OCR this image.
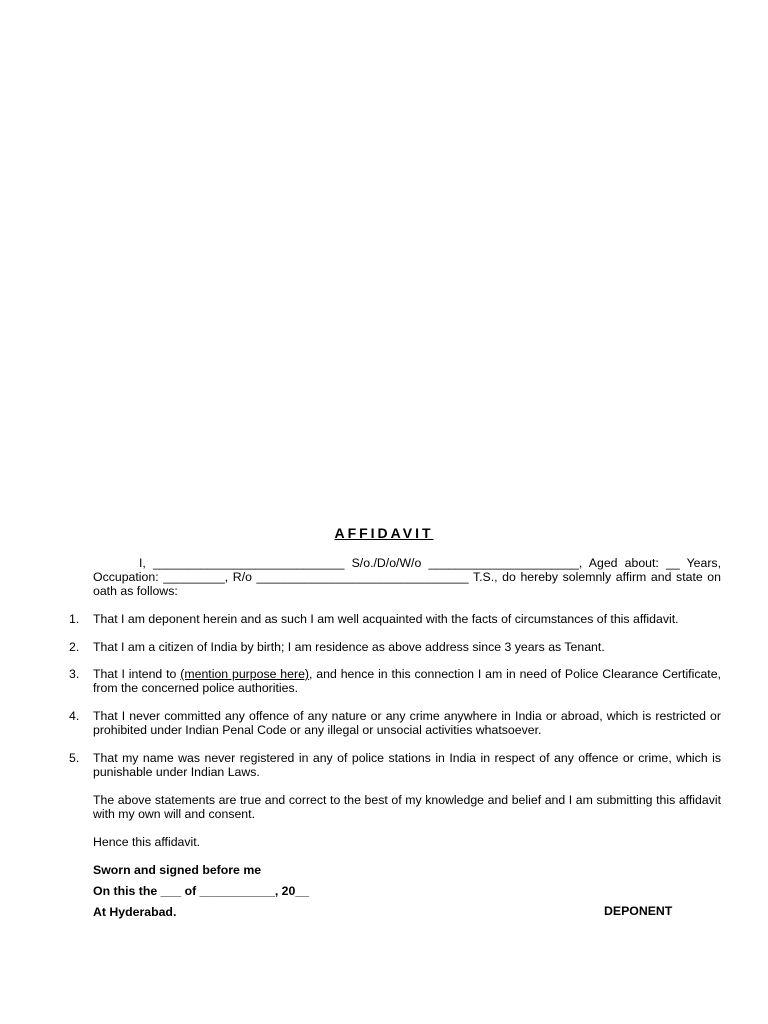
AFFIDAVIT
I, ____________________________ S/o./D/o/W/o ______________________, Aged about: __ Years, Occupation: _________, R/o _______________________________ T.S., do hereby solemnly affirm and state on oath as follows:
1.	That I am deponent herein and as such I am well acquainted with the facts of circumstances of this affidavit.
2.	That I am a citizen of India by birth; I am residence as above address since 3 years as Tenant.
3.	That I intend to (mention purpose here), and hence in this connection I am in need of Police Clearance Certificate, from the concerned police authorities.
4.	That I never committed any offence of any nature or any crime anywhere in India or abroad, which is restricted or prohibited under Indian Penal Code or any illegal or unsocial activities whatsoever.
5.	That my name was never registered in any of police stations in India in respect of any offence or crime, which is punishable under Indian Laws.
The above statements are true and correct to the best of my knowledge and belief and I am submitting this affidavit with my own will and consent.
Hence this affidavit.
Sworn and signed before me
On this the ___ of ___________, 20__
At Hyderabad.	DEPONENT
